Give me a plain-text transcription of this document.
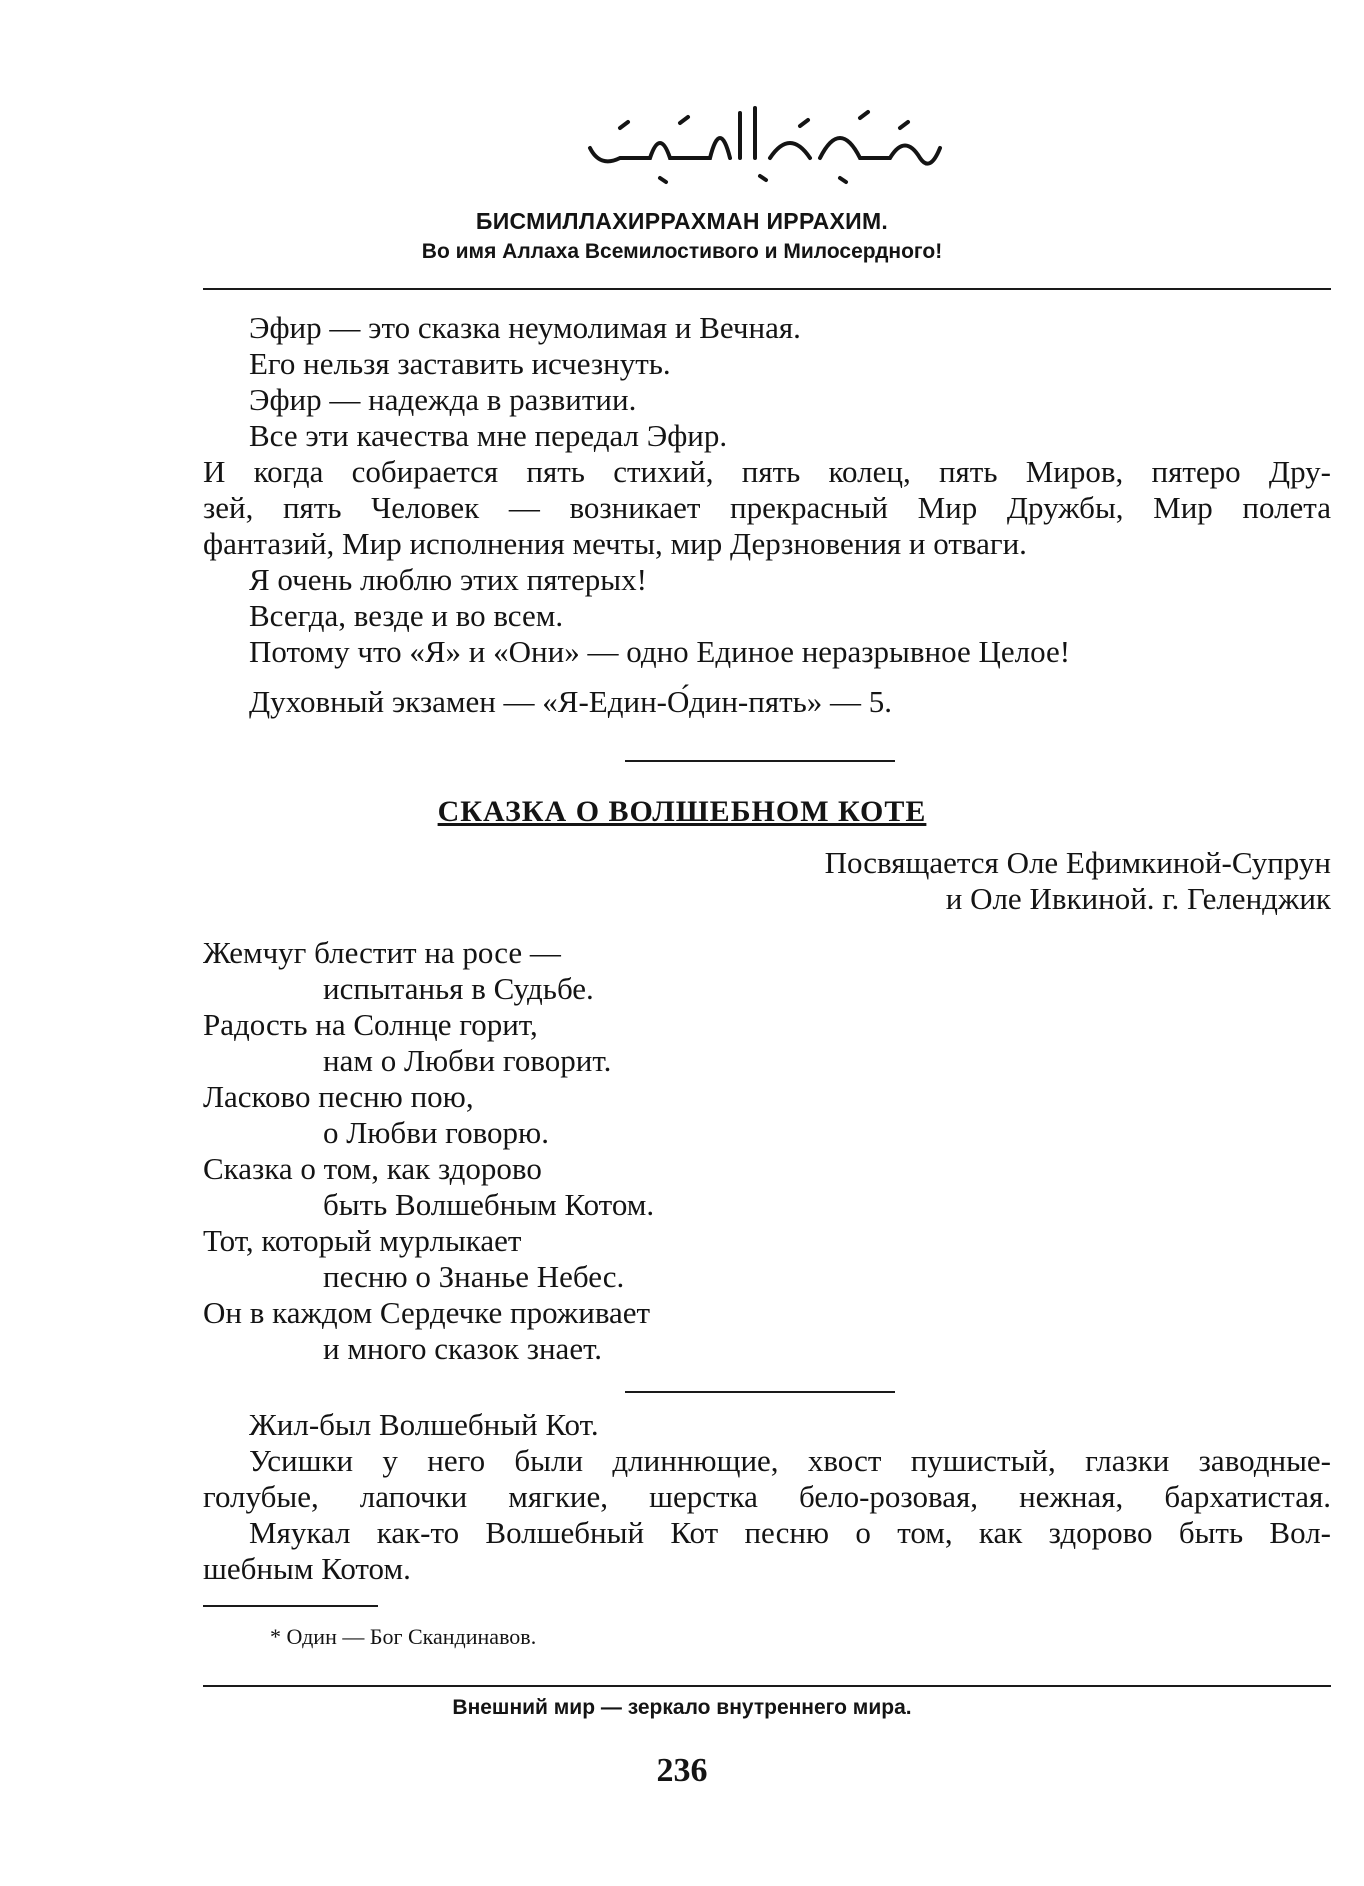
БИСМИЛЛАХИРРАХМАН ИРРАХИМ.
Во имя Аллаха Всемилостивого и Милосердного!
Эфир — это сказка неумолимая и Вечная.
Его нельзя заставить исчезнуть.
Эфир — надежда в развитии.
Все эти качества мне передал Эфир.
И когда собирается пять стихий, пять колец, пять Миров, пятеро Дру-
зей, пять Человек — возникает прекрасный Мир Дружбы, Мир полета
фантазий, Мир исполнения мечты, мир Дерзновения и отваги.
Я очень люблю этих пятерых!
Всегда, везде и во всем.
Потому что «Я» и «Они» — одно Единое неразрывное Целое!
Духовный экзамен — «Я-Един-О́дин-пять» — 5.
СКАЗКА О ВОЛШЕБНОМ КОТЕ
Посвящается Оле Ефимкиной-Супрун
и Оле Ивкиной. г. Геленджик
Жемчуг блестит на росе —
испытанья в Судьбе.
Радость на Солнце горит,
нам о Любви говорит.
Ласково песню пою,
о Любви говорю.
Сказка о том, как здорово
быть Волшебным Котом.
Тот, который мурлыкает
песню о Знанье Небес.
Он в каждом Сердечке проживает
и много сказок знает.
Жил-был Волшебный Кот.
Усишки у него были длиннющие, хвост пушистый, глазки заводные-
голубые, лапочки мягкие, шерстка бело-розовая, нежная, бархатистая.
Мяукал как-то Волшебный Кот песню о том, как здорово быть Вол-
шебным Котом.
* Один — Бог Скандинавов.
Внешний мир — зеркало внутреннего мира.
236
